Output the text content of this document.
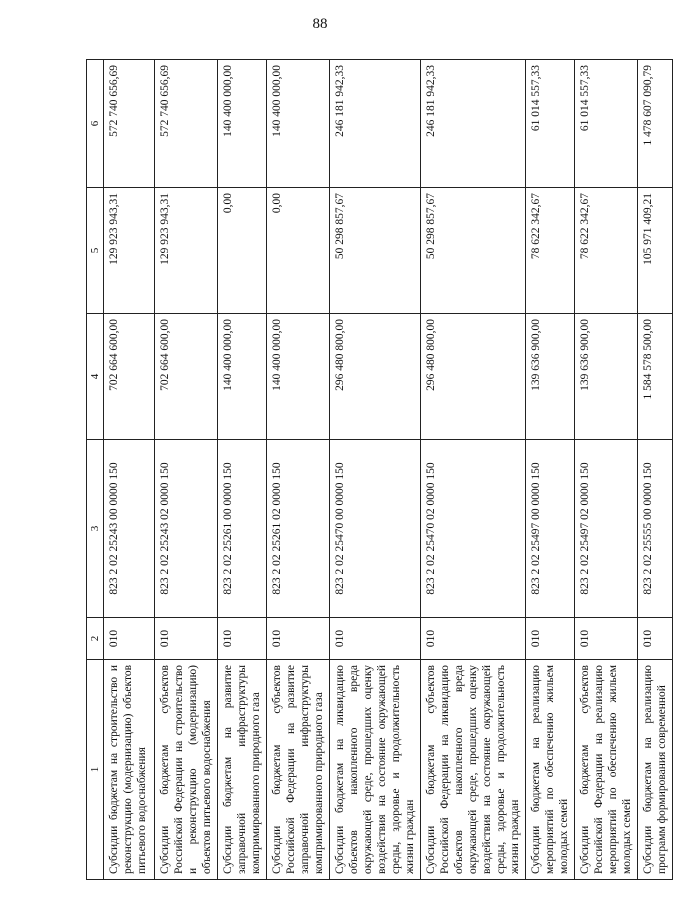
88
1	2	3	4	5	6
Субсидии бюджетам на строительство и реконструкцию (модернизацию) объектов питьевого водоснабжения	010	823 2 02 25243 00 0000 150	702 664 600,00	129 923 943,31	572 740 656,69
Субсидии бюджетам субъектов Российской Федерации на строительство и реконструкцию (модернизацию) объектов питьевого водоснабжения	010	823 2 02 25243 02 0000 150	702 664 600,00	129 923 943,31	572 740 656,69
Субсидии бюджетам на развитие заправочной инфраструктуры компримированного природного газа	010	823 2 02 25261 00 0000 150	140 400 000,00	0,00	140 400 000,00
Субсидии бюджетам субъектов Российской Федерации на развитие заправочной инфраструктуры компримированного природного газа	010	823 2 02 25261 02 0000 150	140 400 000,00	0,00	140 400 000,00
Субсидии бюджетам на ликвидацию объектов накопленного вреда окружающей среде, прошедших оценку воздействия на состояние окружающей среды, здоровье и продолжительность жизни граждан	010	823 2 02 25470 00 0000 150	296 480 800,00	50 298 857,67	246 181 942,33
Субсидии бюджетам субъектов Российской Федерации на ликвидацию объектов накопленного вреда окружающей среде, прошедших оценку воздействия на состояние окружающей среды, здоровье и продолжительность жизни граждан	010	823 2 02 25470 02 0000 150	296 480 800,00	50 298 857,67	246 181 942,33
Субсидии бюджетам на реализацию мероприятий по обеспечению жильем молодых семей	010	823 2 02 25497 00 0000 150	139 636 900,00	78 622 342,67	61 014 557,33
Субсидии бюджетам субъектов Российской Федерации на реализацию мероприятий по обеспечению жильем молодых семей	010	823 2 02 25497 02 0000 150	139 636 900,00	78 622 342,67	61 014 557,33
Субсидии бюджетам на реализацию программ формирования современной	010	823 2 02 25555 00 0000 150	1 584 578 500,00	105 971 409,21	1 478 607 090,79
